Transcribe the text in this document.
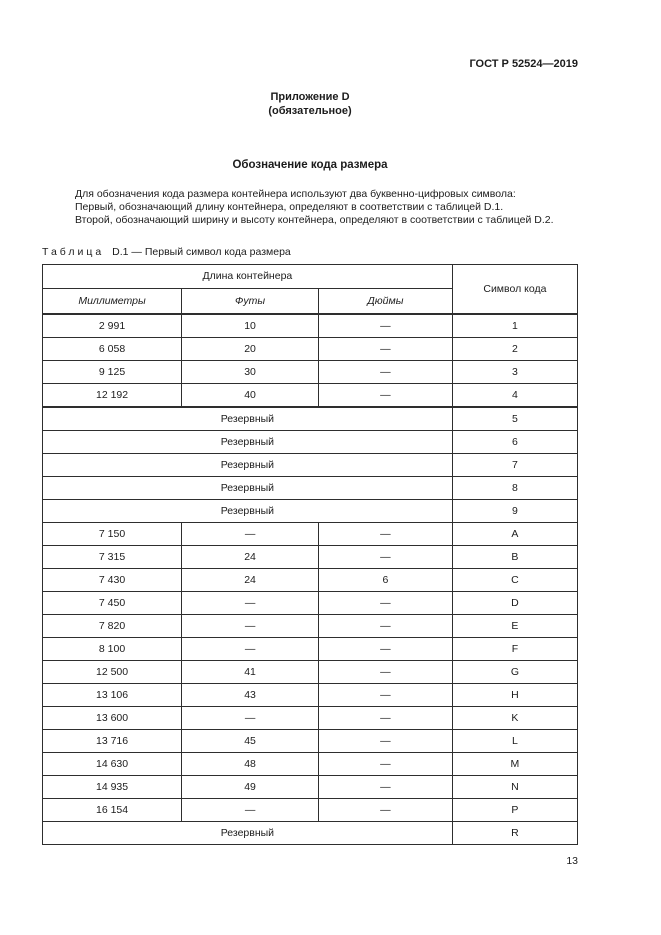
ГОСТ Р 52524—2019
Приложение D
(обязательное)
Обозначение кода размера

Для обозначения кода размера контейнера используют два буквенно-цифровых символа:

Первый, обозначающий длину контейнера, определяют в соответствии с таблицей D.1.

Второй, обозначающий ширину и высоту контейнера, определяют в соответствии с таблицей D.2.

Таблица D.1 — Первый символ кода размера
Длина контейнера			Символ кода
Миллиметры	Футы	Дюймы	
2 991	10	—	1
6 058	20	—	2
9 125	30	—	3
12 192	40	—	4
Резервный			5
Резервный			6
Резервный			7
Резервный			8
Резервный			9
7 150	—	—	A
7 315	24	—	B
7 430	24	6	C
7 450	—	—	D
7 820	—	—	E
8 100	—	—	F
12 500	41	—	G
13 106	43	—	H
13 600	—	—	K
13 716	45	—	L
14 630	48	—	M
14 935	49	—	N
16 154	—	—	P
Резервный			R
13
